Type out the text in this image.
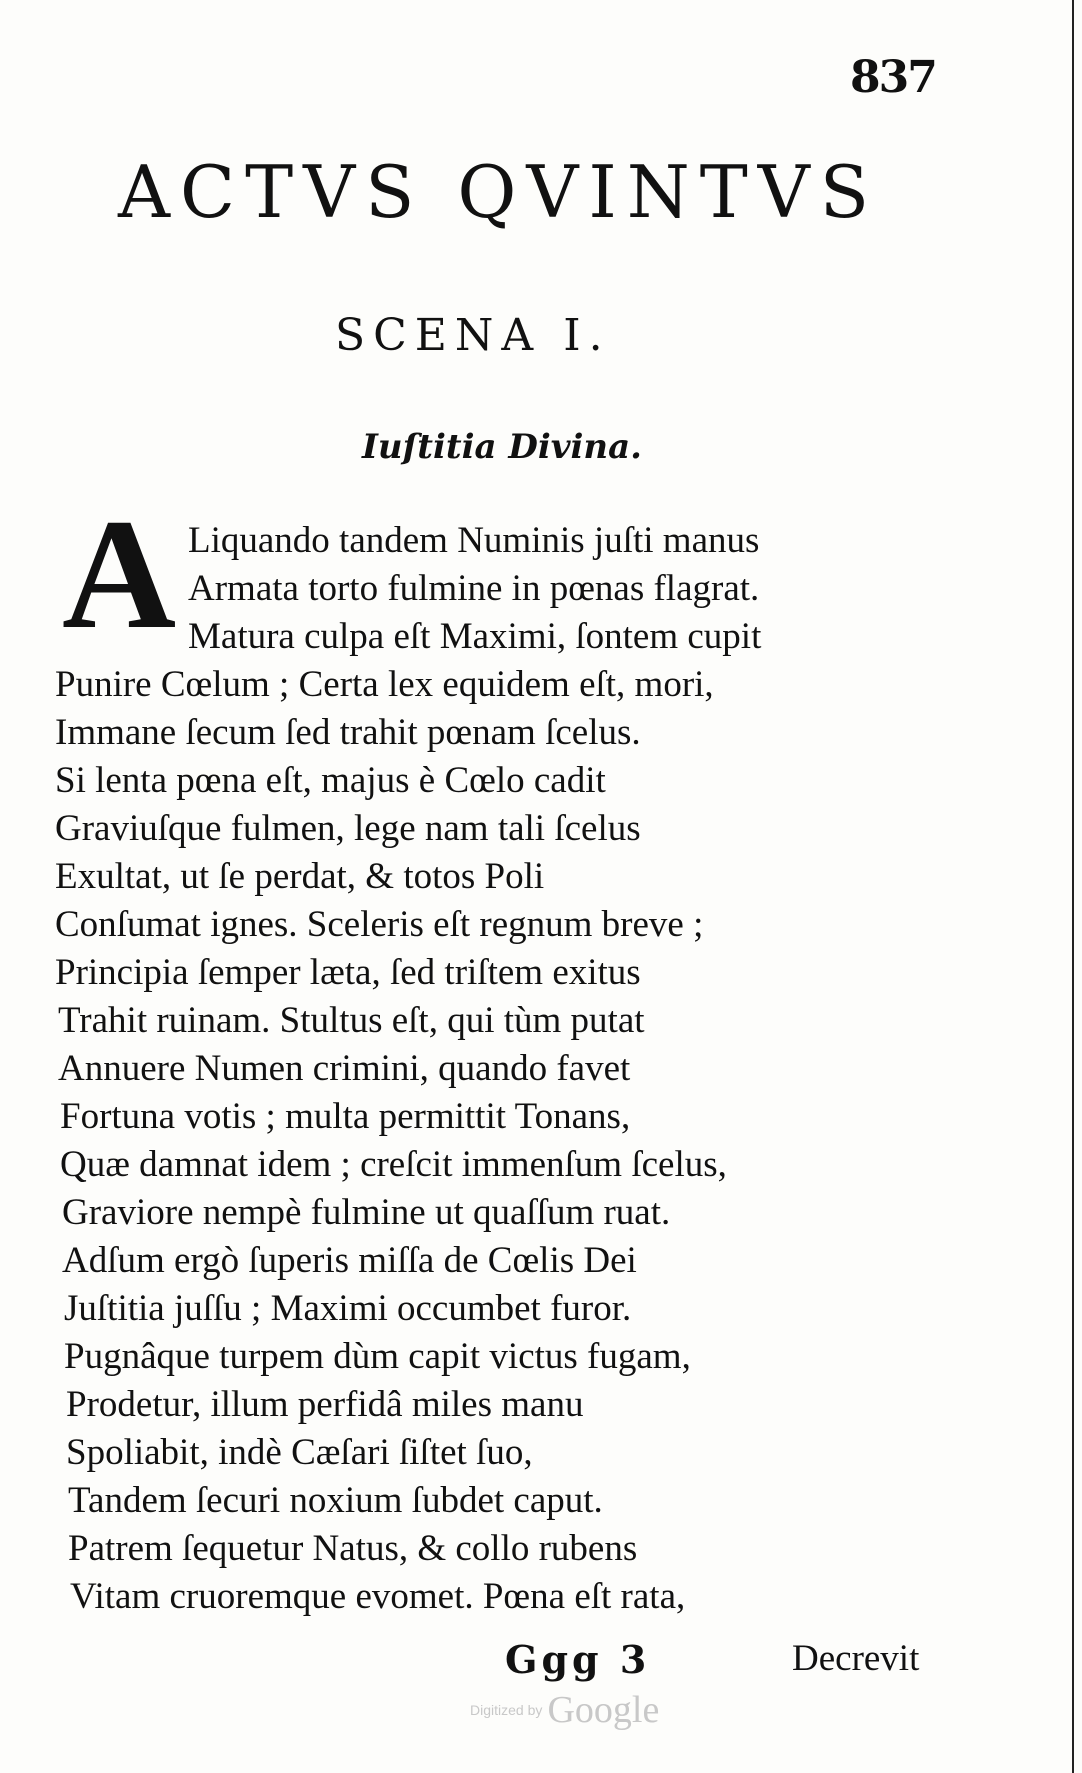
837
ACTVS QVINTVS
SCENA I.
Iuſtitia Divina.
A Liquando tandem Numinis juſti manus
Armata torto fulmine in pœnas flagrat.
Matura culpa eſt Maximi, ſontem cupit
Punire Cœlum ; Certa lex equidem eſt, mori,
Immane ſecum ſed trahit pœnam ſcelus.
Si lenta pœna eſt, majus è Cœlo cadit
Graviuſque fulmen, lege nam tali ſcelus
Exultat, ut ſe perdat, & totos Poli
Conſumat ignes. Sceleris eſt regnum breve ;
Principia ſemper læta, ſed triſtem exitus
Trahit ruinam. Stultus eſt, qui tùm putat
Annuere Numen crimini, quando favet
Fortuna votis ; multa permittit Tonans,
Quæ damnat idem ; creſcit immenſum ſcelus,
Graviore nempè fulmine ut quaſſum ruat.
Adſum ergò ſuperis miſſa de Cœlis Dei
Juſtitia juſſu ; Maximi occumbet furor.
Pugnâque turpem dùm capit victus fugam,
Prodetur, illum perfidâ miles manu
Spoliabit, indè Cæſari ſiſtet ſuo,
Tandem ſecuri noxium ſubdet caput.
Patrem ſequetur Natus, & collo rubens
Vitam cruoremque evomet. Pœna eſt rata,
Ggg 3	Decrevit
Digitized by Google
